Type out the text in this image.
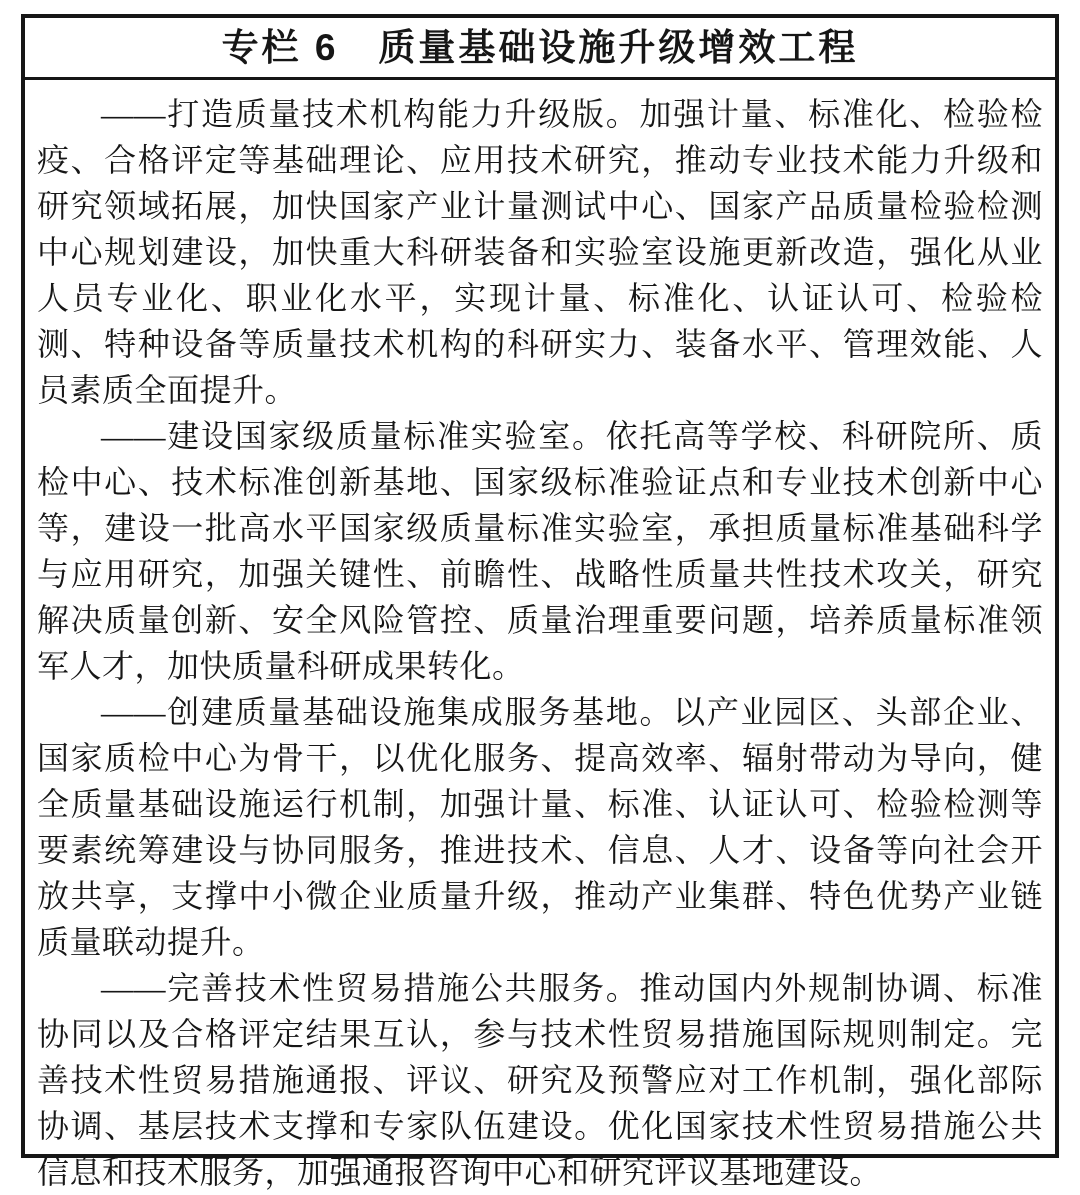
专栏 6　质量基础设施升级增效工程

——打造质量技术机构能力升级版。加强计量、标准化、检验检疫、合格评定等基础理论、应用技术研究，推动专业技术能力升级和研究领域拓展，加快国家产业计量测试中心、国家产品质量检验检测中心规划建设，加快重大科研装备和实验室设施更新改造，强化从业人员专业化、职业化水平，实现计量、标准化、认证认可、检验检测、特种设备等质量技术机构的科研实力、装备水平、管理效能、人员素质全面提升。

——建设国家级质量标准实验室。依托高等学校、科研院所、质检中心、技术标准创新基地、国家级标准验证点和专业技术创新中心等，建设一批高水平国家级质量标准实验室，承担质量标准基础科学与应用研究，加强关键性、前瞻性、战略性质量共性技术攻关，研究解决质量创新、安全风险管控、质量治理重要问题，培养质量标准领军人才，加快质量科研成果转化。

——创建质量基础设施集成服务基地。以产业园区、头部企业、国家质检中心为骨干，以优化服务、提高效率、辐射带动为导向，健全质量基础设施运行机制，加强计量、标准、认证认可、检验检测等要素统筹建设与协同服务，推进技术、信息、人才、设备等向社会开放共享，支撑中小微企业质量升级，推动产业集群、特色优势产业链质量联动提升。

——完善技术性贸易措施公共服务。推动国内外规制协调、标准协同以及合格评定结果互认，参与技术性贸易措施国际规则制定。完善技术性贸易措施通报、评议、研究及预警应对工作机制，强化部际协调、基层技术支撑和专家队伍建设。优化国家技术性贸易措施公共信息和技术服务，加强通报咨询中心和研究评议基地建设。
